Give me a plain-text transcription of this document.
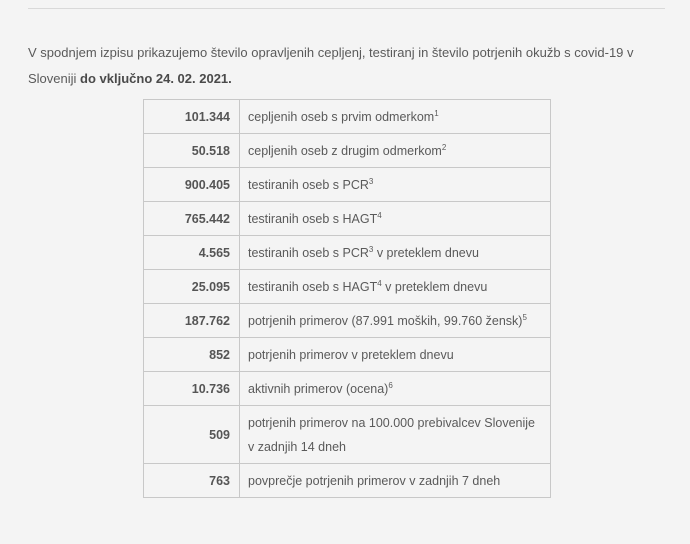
V spodnjem izpisu prikazujemo število opravljenih cepljenj, testiranj in število potrjenih okužb s covid-19 v Sloveniji do vključno 24. 02. 2021.

101.344	cepljenih oseb s prvim odmerkom$^1$
50.518	cepljenih oseb z drugim odmerkom$^2$
900.405	testiranih oseb s PCR$^3$
765.442	testiranih oseb s HAGT$^4$
4.565	testiranih oseb s PCR$^3$ v preteklem dnevu
25.095	testiranih oseb s HAGT$^4$ v preteklem dnevu
187.762	potrjenih primerov (87.991 moških, 99.760 žensk)$^5$
852	potrjenih primerov v preteklem dnevu
10.736	aktivnih primerov (ocena)$^6$
509	potrjenih primerov na 100.000 prebivalcev Slovenije v zadnjih 14 dneh
763	povprečje potrjenih primerov v zadnjih 7 dneh
